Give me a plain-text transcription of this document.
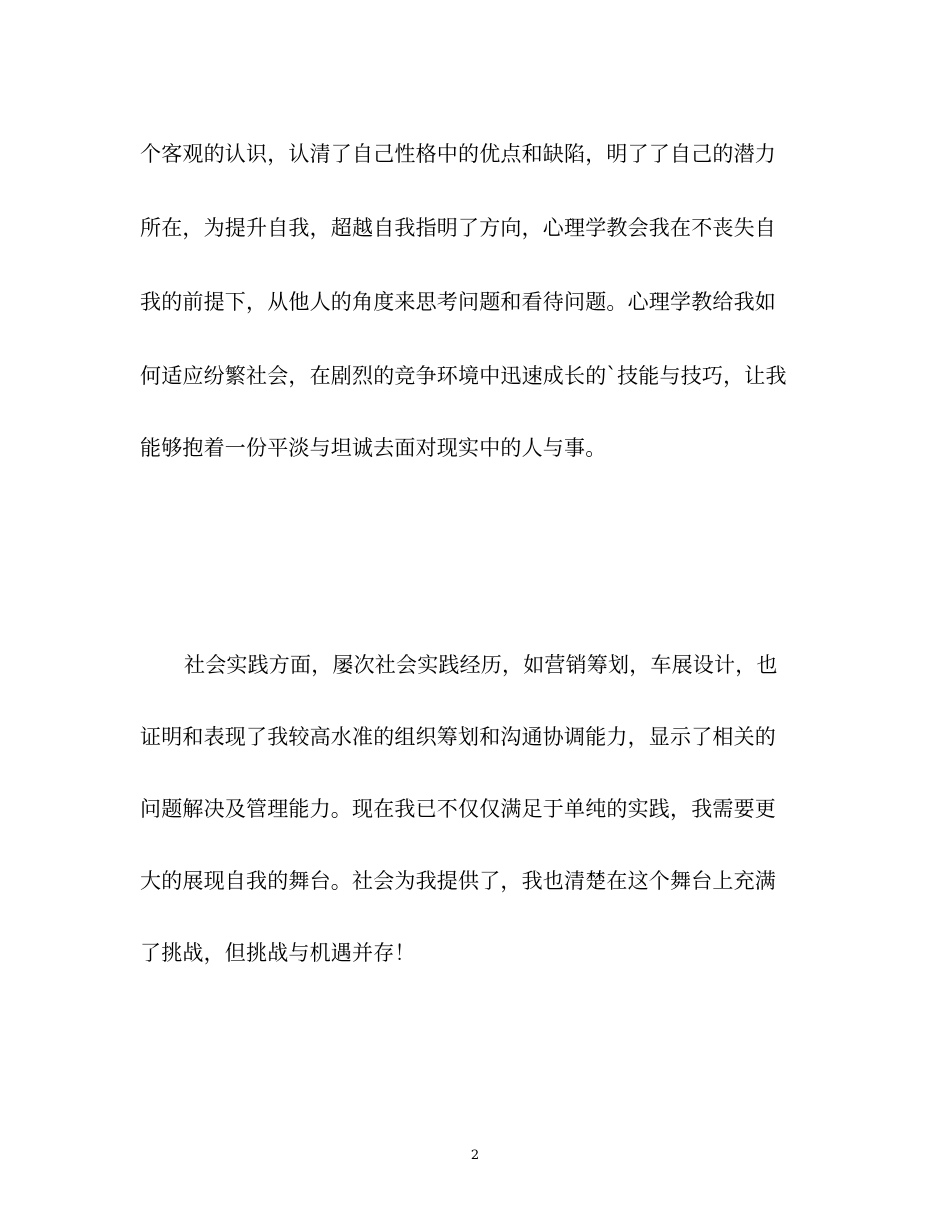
个客观的认识，认清了自己性格中的优点和缺陷，明了了自己的潜力
所在，为提升自我，超越自我指明了方向，心理学教会我在不丧失自
我的前提下，从他人的角度来思考问题和看待问题。心理学教给我如
何适应纷繁社会，在剧烈的竞争环境中迅速成长的`技能与技巧，让我
能够抱着一份平淡与坦诚去面对现实中的人与事。
社会实践方面，屡次社会实践经历，如营销筹划，车展设计，也
证明和表现了我较高水准的组织筹划和沟通协调能力，显示了相关的
问题解决及管理能力。现在我已不仅仅满足于单纯的实践，我需要更
大的展现自我的舞台。社会为我提供了，我也清楚在这个舞台上充满
了挑战，但挑战与机遇并存！
2
